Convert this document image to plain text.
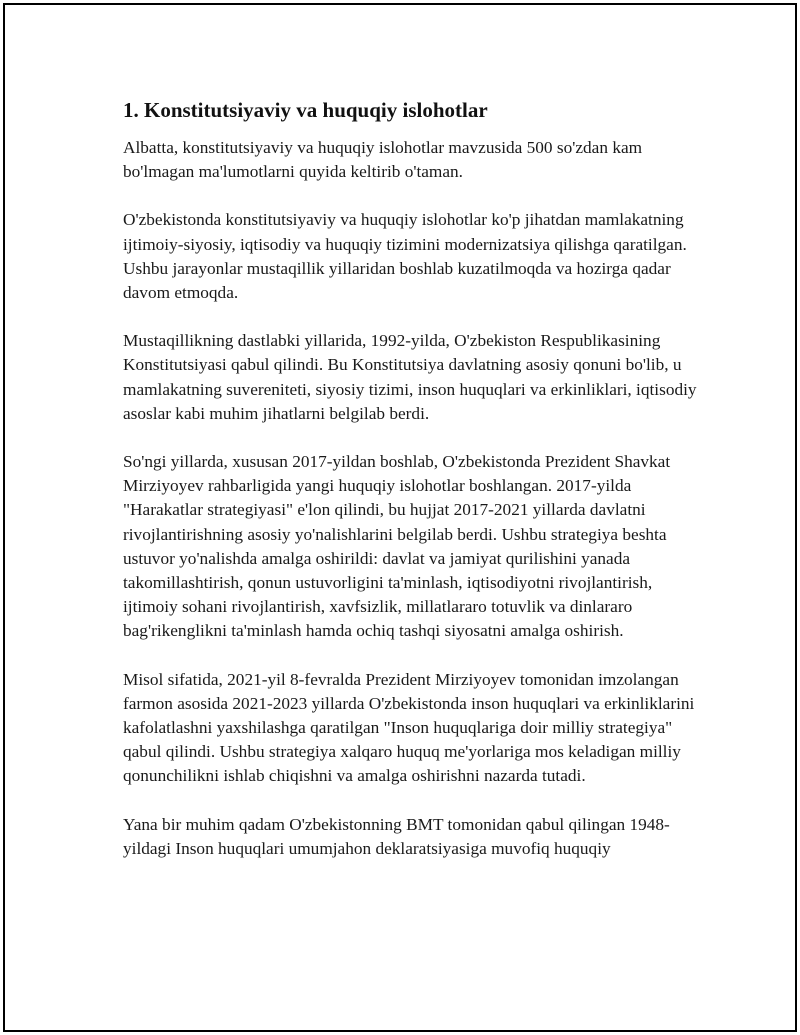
1. Konstitutsiyaviy va huquqiy islohotlar

Albatta, konstitutsiyaviy va huquqiy islohotlar mavzusida 500 so'zdan kam bo'lmagan ma'lumotlarni quyida keltirib o'taman.

O'zbekistonda konstitutsiyaviy va huquqiy islohotlar ko'p jihatdan mamlakatning ijtimoiy-siyosiy, iqtisodiy va huquqiy tizimini modernizatsiya qilishga qaratilgan. Ushbu jarayonlar mustaqillik yillaridan boshlab kuzatilmoqda va hozirga qadar davom etmoqda.

Mustaqillikning dastlabki yillarida, 1992-yilda, O'zbekiston Respublikasining Konstitutsiyasi qabul qilindi. Bu Konstitutsiya davlatning asosiy qonuni bo'lib, u mamlakatning suvereniteti, siyosiy tizimi, inson huquqlari va erkinliklari, iqtisodiy asoslar kabi muhim jihatlarni belgilab berdi.

So'ngi yillarda, xususan 2017-yildan boshlab, O'zbekistonda Prezident Shavkat Mirziyoyev rahbarligida yangi huquqiy islohotlar boshlangan. 2017-yilda "Harakatlar strategiyasi" e'lon qilindi, bu hujjat 2017-2021 yillarda davlatni rivojlantirishning asosiy yo'nalishlarini belgilab berdi. Ushbu strategiya beshta ustuvor yo'nalishda amalga oshirildi: davlat va jamiyat qurilishini yanada takomillashtirish, qonun ustuvorligini ta'minlash, iqtisodiyotni rivojlantirish, ijtimoiy sohani rivojlantirish, xavfsizlik, millatlararo totuvlik va dinlararo bag'rikenglikni ta'minlash hamda ochiq tashqi siyosatni amalga oshirish.

Misol sifatida, 2021-yil 8-fevralda Prezident Mirziyoyev tomonidan imzolangan farmon asosida 2021-2023 yillarda O'zbekistonda inson huquqlari va erkinliklarini kafolatlashni yaxshilashga qaratilgan "Inson huquqlariga doir milliy strategiya" qabul qilindi. Ushbu strategiya xalqaro huquq me'yorlariga mos keladigan milliy qonunchilikni ishlab chiqishni va amalga oshirishni nazarda tutadi.

Yana bir muhim qadam O'zbekistonning BMT tomonidan qabul qilingan 1948-yildagi Inson huquqlari umumjahon deklaratsiyasiga muvofiq huquqiy
